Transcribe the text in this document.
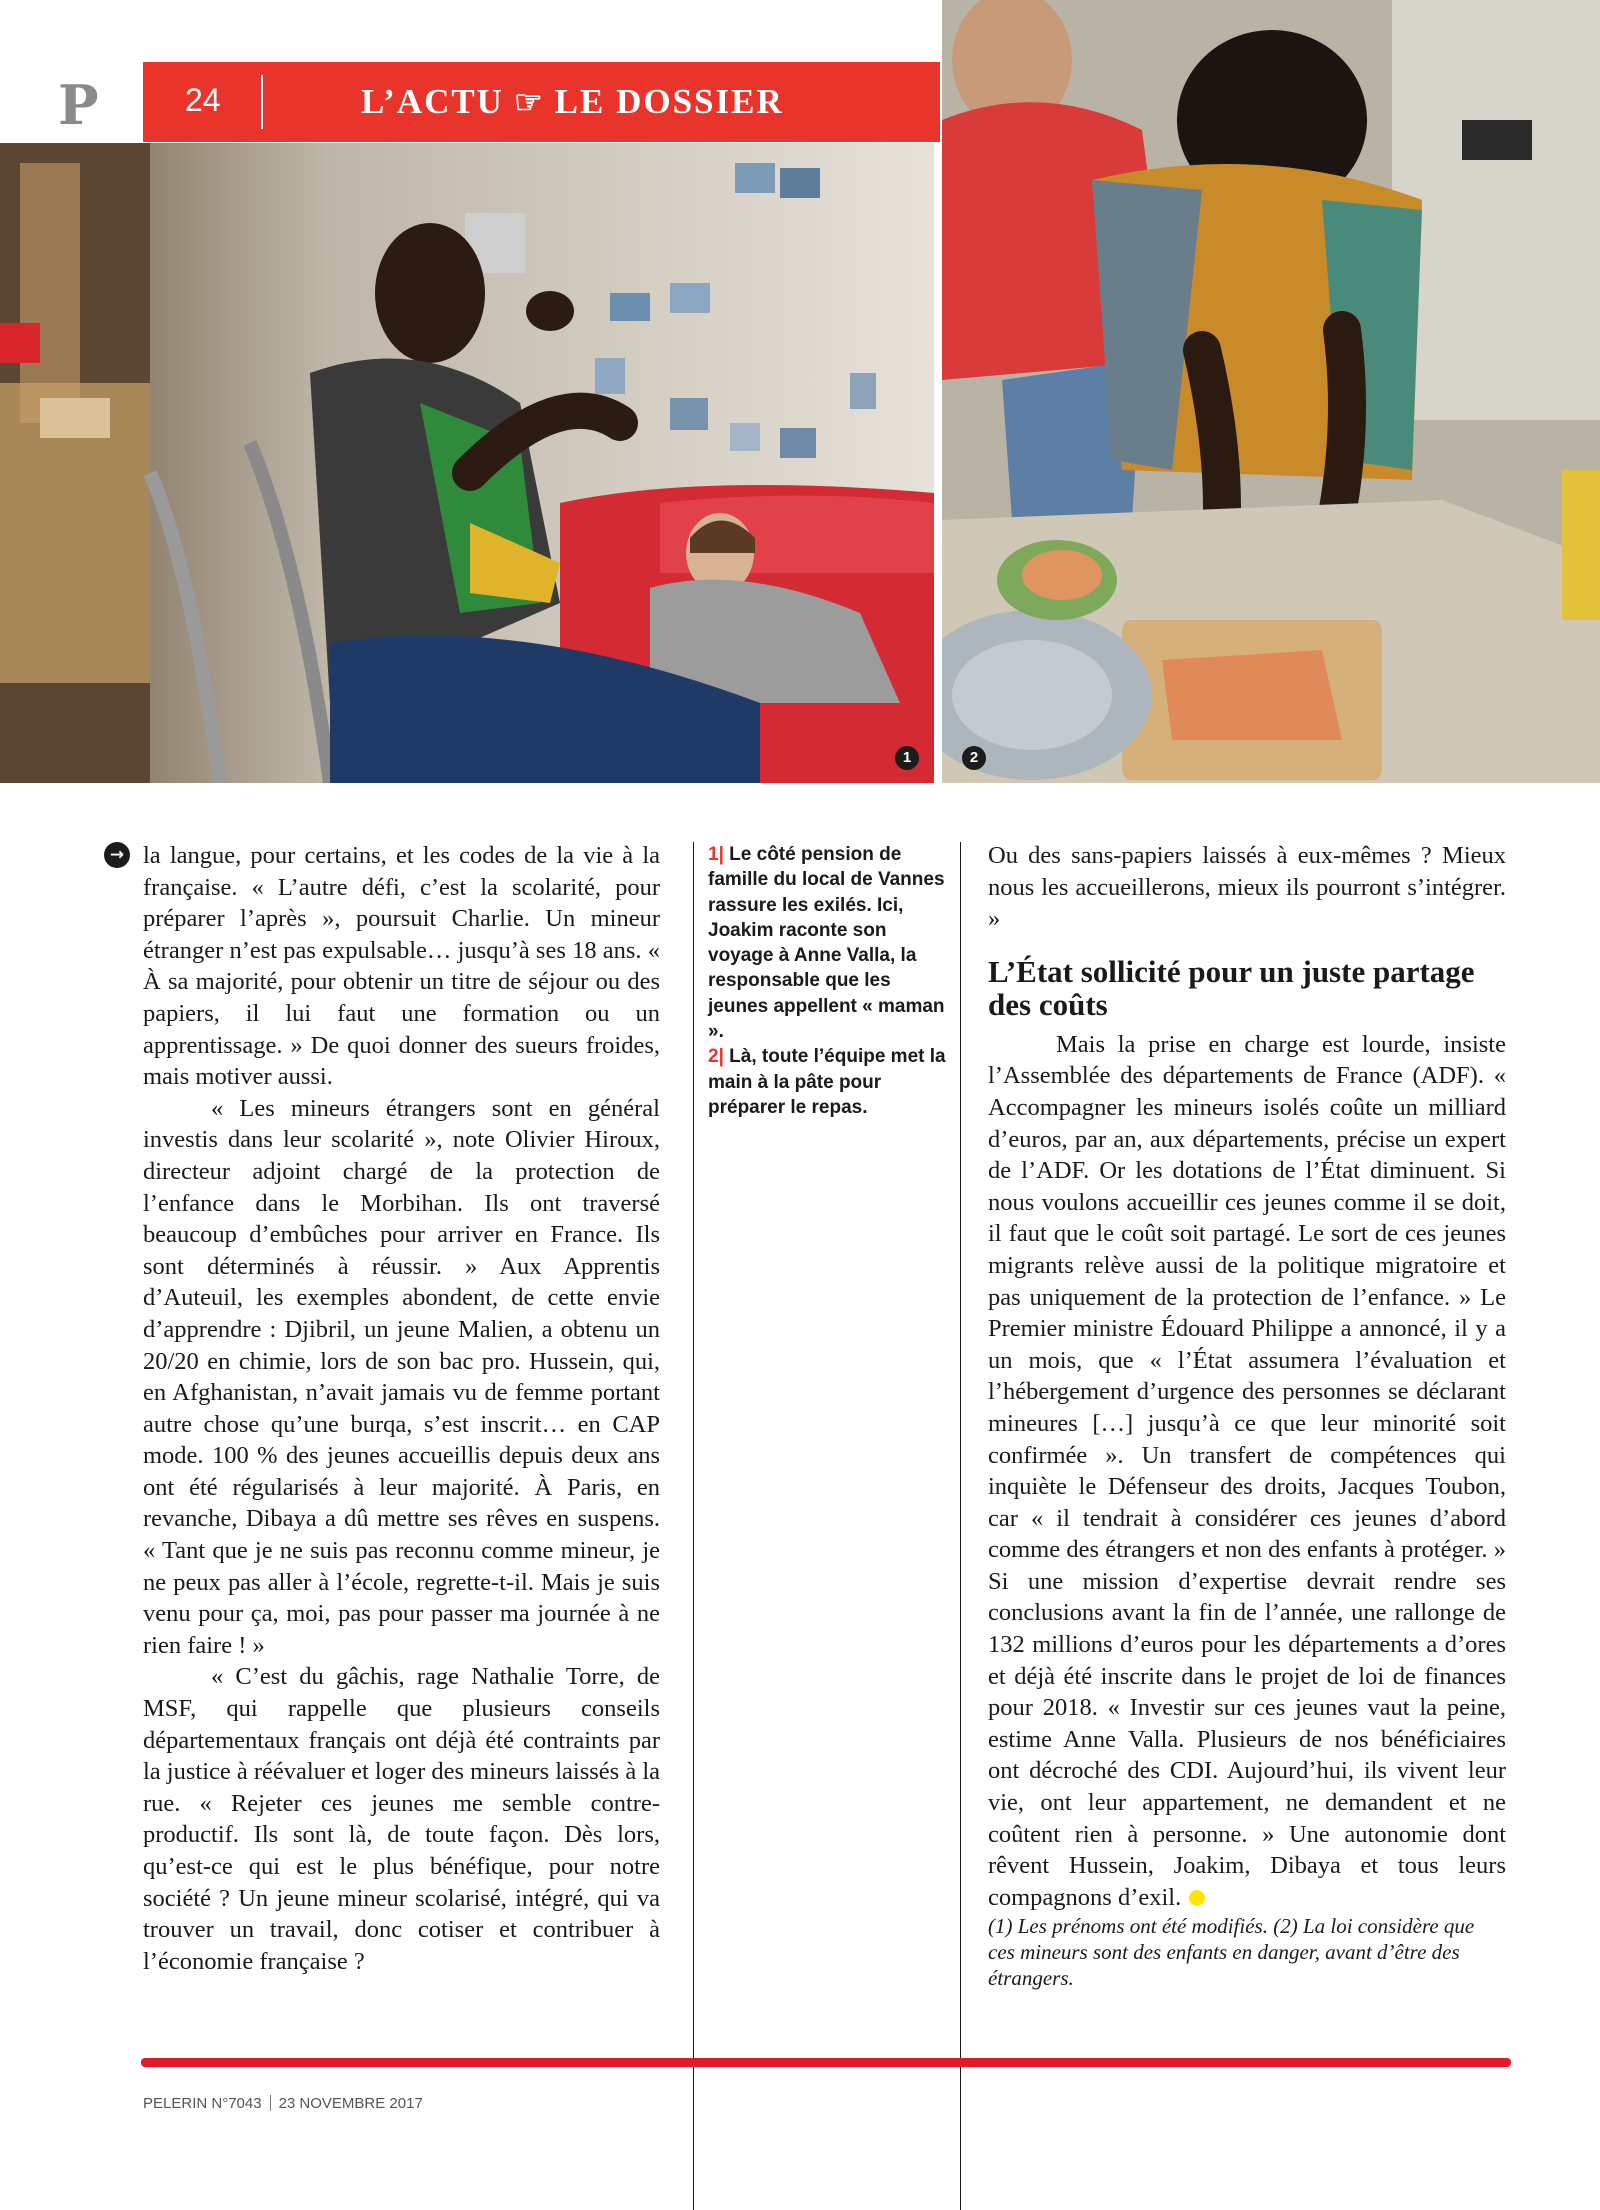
P	24	L’ACTU ☞ LE DOSSIER
1	2
→ la langue, pour certains, et les codes de la vie à la française. « L’autre défi, c’est la scolarité, pour préparer l’après », poursuit Charlie. Un mineur étranger n’est pas expulsable… jusqu’à ses 18 ans. « À sa majorité, pour obtenir un titre de séjour ou des papiers, il lui faut une formation ou un apprentissage. » De quoi donner des sueurs froides, mais motiver aussi.

« Les mineurs étrangers sont en général investis dans leur scolarité », note Olivier Hiroux, directeur adjoint chargé de la protection de l’enfance dans le Morbihan. Ils ont traversé beaucoup d’embûches pour arriver en France. Ils sont déterminés à réussir. » Aux Apprentis d’Auteuil, les exemples abondent, de cette envie d’apprendre : Djibril, un jeune Malien, a obtenu un 20/20 en chimie, lors de son bac pro. Hussein, qui, en Afghanistan, n’avait jamais vu de femme portant autre chose qu’une burqa, s’est inscrit… en CAP mode. 100 % des jeunes accueillis depuis deux ans ont été régularisés à leur majorité. À Paris, en revanche, Dibaya a dû mettre ses rêves en suspens. « Tant que je ne suis pas reconnu comme mineur, je ne peux pas aller à l’école, regrette-t-il. Mais je suis venu pour ça, moi, pas pour passer ma journée à ne rien faire ! »

« C’est du gâchis, rage Nathalie Torre, de MSF, qui rappelle que plusieurs conseils départementaux français ont déjà été contraints par la justice à réévaluer et loger des mineurs laissés à la rue. « Rejeter ces jeunes me semble contre-productif. Ils sont là, de toute façon. Dès lors, qu’est-ce qui est le plus bénéfique, pour notre société ? Un jeune mineur scolarisé, intégré, qui va trouver un travail, donc cotiser et contribuer à l’économie française ?

1| Le côté pension de famille du local de Vannes rassure les exilés. Ici, Joakim raconte son voyage à Anne Valla, la responsable que les jeunes appellent « maman ».

2| Là, toute l’équipe met la main à la pâte pour préparer le repas.

Ou des sans-papiers laissés à eux-mêmes ? Mieux nous les accueillerons, mieux ils pourront s’intégrer. »

L’État sollicité pour un juste partage des coûts

Mais la prise en charge est lourde, insiste l’Assemblée des départements de France (ADF). « Accompagner les mineurs isolés coûte un milliard d’euros, par an, aux départements, précise un expert de l’ADF. Or les dotations de l’État diminuent. Si nous voulons accueillir ces jeunes comme il se doit, il faut que le coût soit partagé. Le sort de ces jeunes migrants relève aussi de la politique migratoire et pas uniquement de la protection de l’enfance. » Le Premier ministre Édouard Philippe a annoncé, il y a un mois, que « l’État assumera l’évaluation et l’hébergement d’urgence des personnes se déclarant mineures […] jusqu’à ce que leur minorité soit confirmée ». Un transfert de compétences qui inquiète le Défenseur des droits, Jacques Toubon, car « il tendrait à considérer ces jeunes d’abord comme des étrangers et non des enfants à protéger. » Si une mission d’expertise devrait rendre ses conclusions avant la fin de l’année, une rallonge de 132 millions d’euros pour les départements a d’ores et déjà été inscrite dans le projet de loi de finances pour 2018. « Investir sur ces jeunes vaut la peine, estime Anne Valla. Plusieurs de nos bénéficiaires ont décroché des CDI. Aujourd’hui, ils vivent leur vie, ont leur appartement, ne demandent et ne coûtent rien à personne. » Une autonomie dont rêvent Hussein, Joakim, Dibaya et tous leurs compagnons d’exil.

(1) Les prénoms ont été modifiés. (2) La loi considère que ces mineurs sont des enfants en danger, avant d’être des étrangers.

PELERIN N°7043 23 NOVEMBRE 2017
